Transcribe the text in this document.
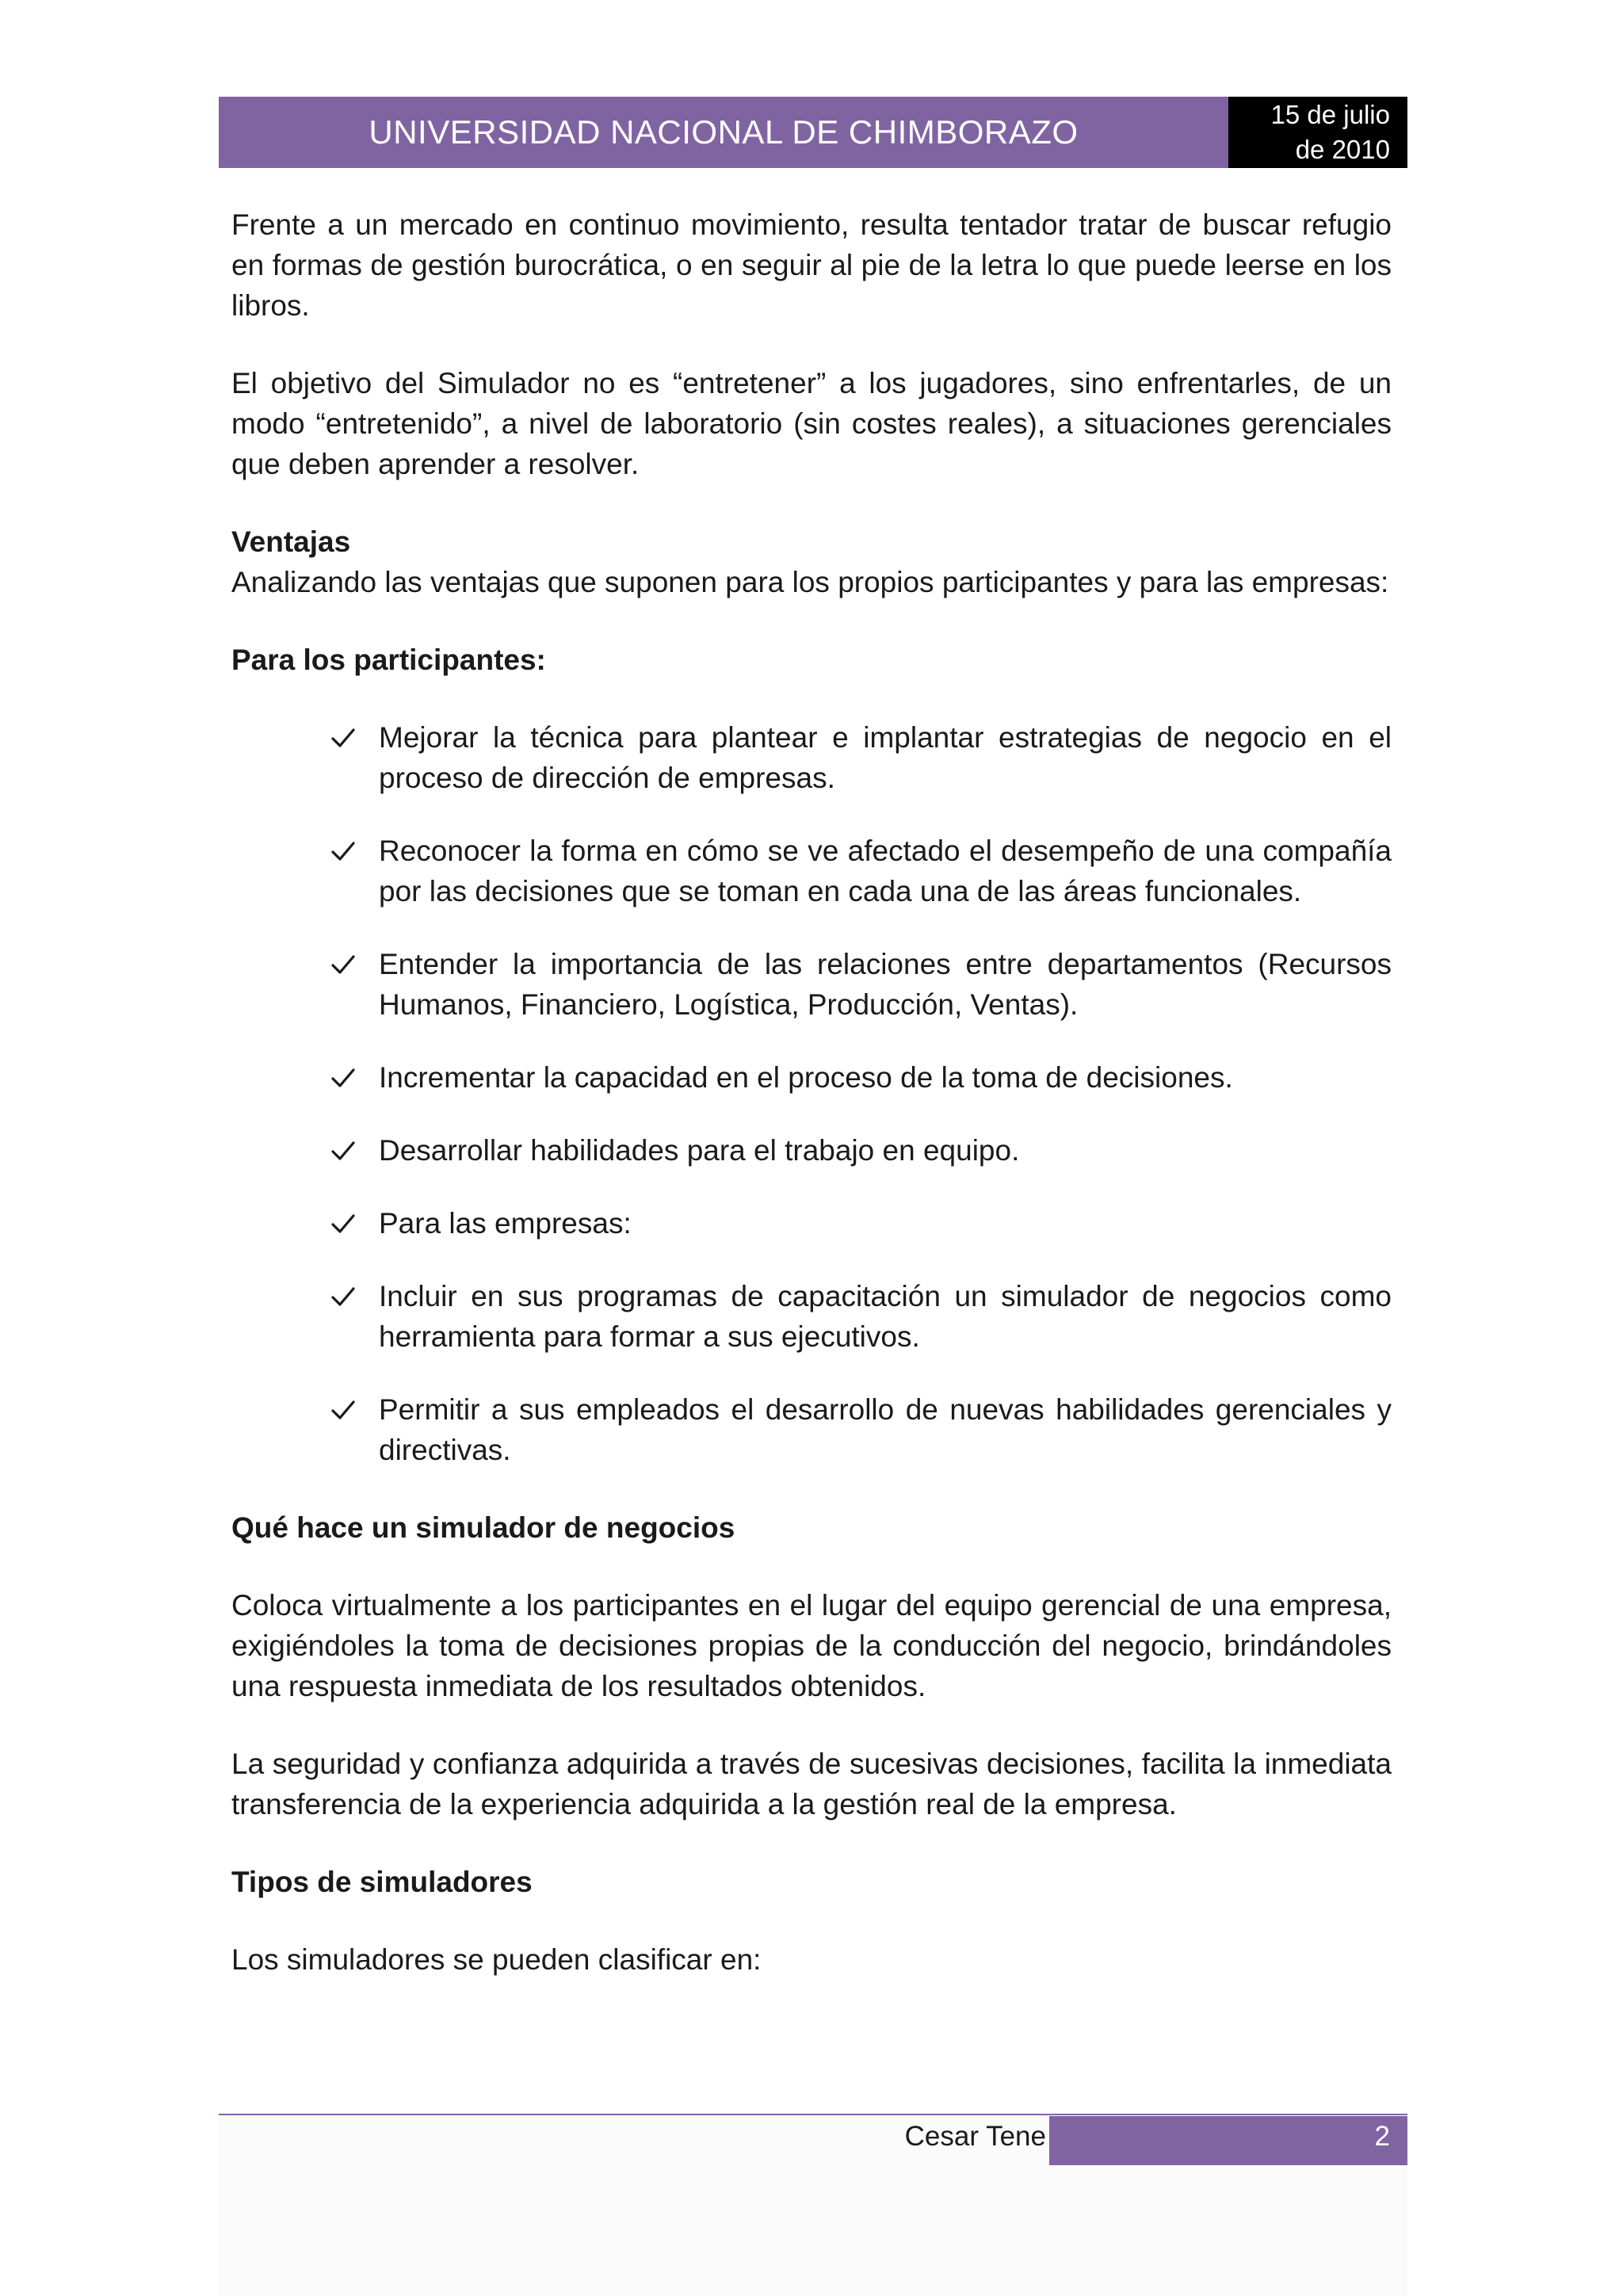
UNIVERSIDAD NACIONAL DE CHIMBORAZO	15 de julio
de 2010

Frente a un mercado en continuo movimiento, resulta tentador tratar de buscar refugio en formas de gestión burocrática, o en seguir al pie de la letra lo que puede leerse en los libros.

El objetivo del Simulador no es “entretener” a los jugadores, sino enfrentarles, de un modo “entretenido”, a nivel de laboratorio (sin costes reales), a situaciones gerenciales que deben aprender a resolver.

Ventajas

Analizando las ventajas que suponen para los propios participantes y para las empresas:

Para los participantes:

Mejorar la técnica para plantear e implantar estrategias de negocio en el proceso de dirección de empresas.
Reconocer la forma en cómo se ve afectado el desempeño de una compañía por las decisiones que se toman en cada una de las áreas funcionales.
Entender la importancia de las relaciones entre departamentos (Recursos Humanos, Financiero, Logística, Producción, Ventas).
Incrementar la capacidad en el proceso de la toma de decisiones.
Desarrollar habilidades para el trabajo en equipo.
Para las empresas:
Incluir en sus programas de capacitación un simulador de negocios como herramienta para formar a sus ejecutivos.
Permitir a sus empleados el desarrollo de nuevas habilidades gerenciales y directivas.

Qué hace un simulador de negocios

Coloca virtualmente a los participantes en el lugar del equipo gerencial de una empresa, exigiéndoles la toma de decisiones propias de la conducción del negocio, brindándoles una respuesta inmediata de los resultados obtenidos.

La seguridad y confianza adquirida a través de sucesivas decisiones, facilita la inmediata transferencia de la experiencia adquirida a la gestión real de la empresa.

Tipos de simuladores

Los simuladores se pueden clasificar en:

Cesar Tene	2
